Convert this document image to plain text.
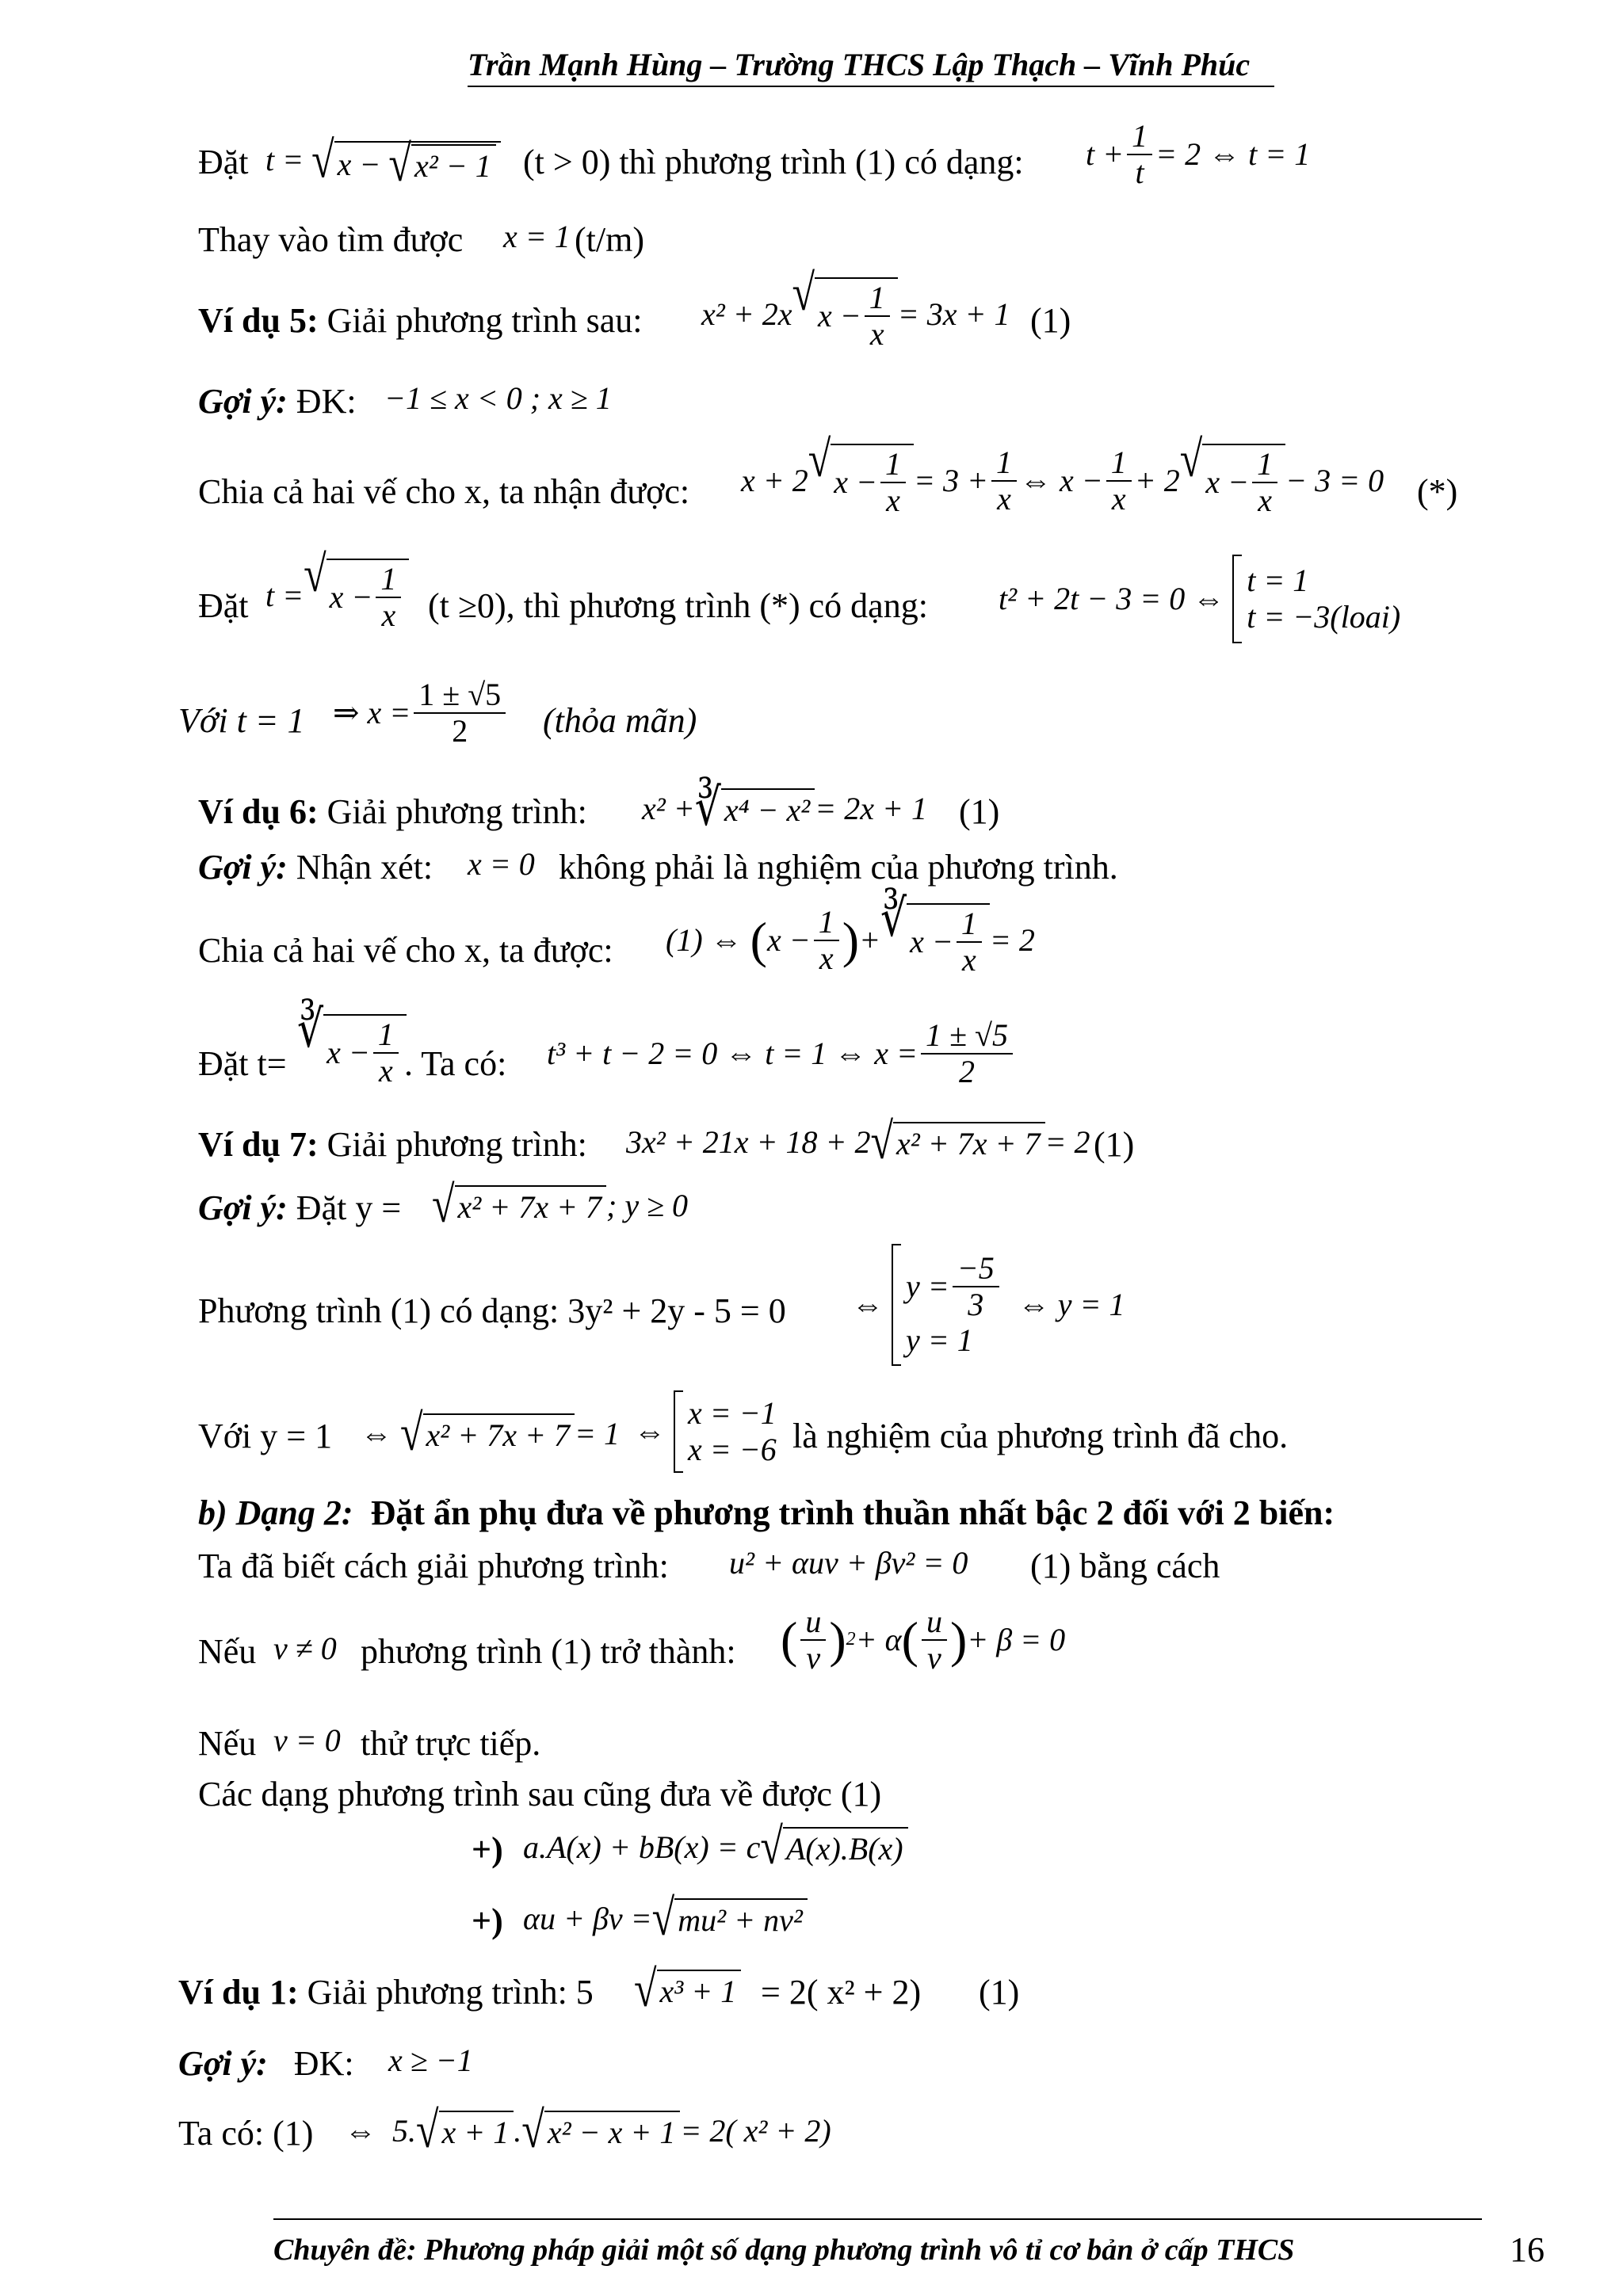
Trần Mạnh Hùng – Trường THCS Lập Thạch – Vĩnh Phúc
Đặt t = √ x −
√ x² − 1 (t > 0) thì phương trình (1) có dạng: $t + \frac{1}{t} = 2$ ⇔ t = 1
Thay vào tìm được x = 1 (t/m)
Ví dụ 5: Giải phương trình sau: x² + 2x √ $x - \frac{1}{x} = 3x + 1$ (1)
Gợi ý: ĐK: −1 ≤ x < 0 ; x ≥ 1
Chia cả hai vế cho x, ta nhận được: x + 2 √ $x - \frac{1}{x} = 3 + \frac{1}{x}$ ⇔ $x - \frac{1}{x} + 2$ √ $x - \frac{1}{x} - 3 = 0$ (*)
Đặt t = √ $x - \frac{1}{x} (t \ge 0)$, thì phương trình (*) có dạng: t² + 2t − 3 = 0 ⇔

t = 1
t = −3(loai)
Với t = 1 ⇒ $x = \frac{1 \pm √5}{2}$ (thỏa mãn)
Ví dụ 6: Giải phương trình: x² + ∛ x⁴ − x² = 2x + 1 (1)
Gợi ý: Nhận xét: x = 0 không phải là nghiệm của phương trình.
Chia cả hai vế cho x, ta được: (1) ⇔
( $x - \frac{1}{x}$ ) + ∛ $x - \frac{1}{x} = 2$
Đặt t=
∛ $x - \frac{1}{x}$ . Ta có: t³ + t − 2 = 0 ⇔ t = 1 ⇔ $x = \frac{1 \pm √5}{2}$
Ví dụ 7: Giải phương trình: 3x² + 21x + 18 + 2 √ x² + 7x + 7 = 2 (1)
Gợi ý: Đặt y = √ x² + 7x + 7 ; y ≥ 0
Phương trình (1) có dạng: 3y² + 2y - 5 = 0 ⇔

$y = \frac{-5}{3}$
y = 1

⇔ y = 1
Với y = 1 ⇔
√ x² + 7x + 7 = 1 ⇔

x = −1
x = −6 là nghiệm của phương trình đã cho.
b) Dạng 2: Đặt ẩn phụ đưa về phương trình thuần nhất bậc 2 đối với 2 biến:
Ta đã biết cách giải phương trình: u² + αuv + βv² = 0 (1) bằng cách
Nếu v ≠ 0 phương trình (1) trở thành: ( $\frac{u}{v}$ ) 2 + α ( $\frac{u}{v}$ ) + β = 0
Nếu v = 0 thử trực tiếp.
Các dạng phương trình sau cũng đưa về được (1)
+) a.A(x) + bB(x) = c √ A(x).B(x)
+) αu + βv = √ mu² + nv²
Ví dụ 1: Giải phương trình: 5 √ x³ + 1 = 2( x² + 2) (1)
Gợi ý: ĐK: x ≥ −1
Ta có: (1) ⇔
5. √ x + 1 . √ x² − x + 1 = 2( x² + 2)
Chuyên đề: Phương pháp giải một số dạng phương trình vô tỉ cơ bản ở cấp THCS	16
